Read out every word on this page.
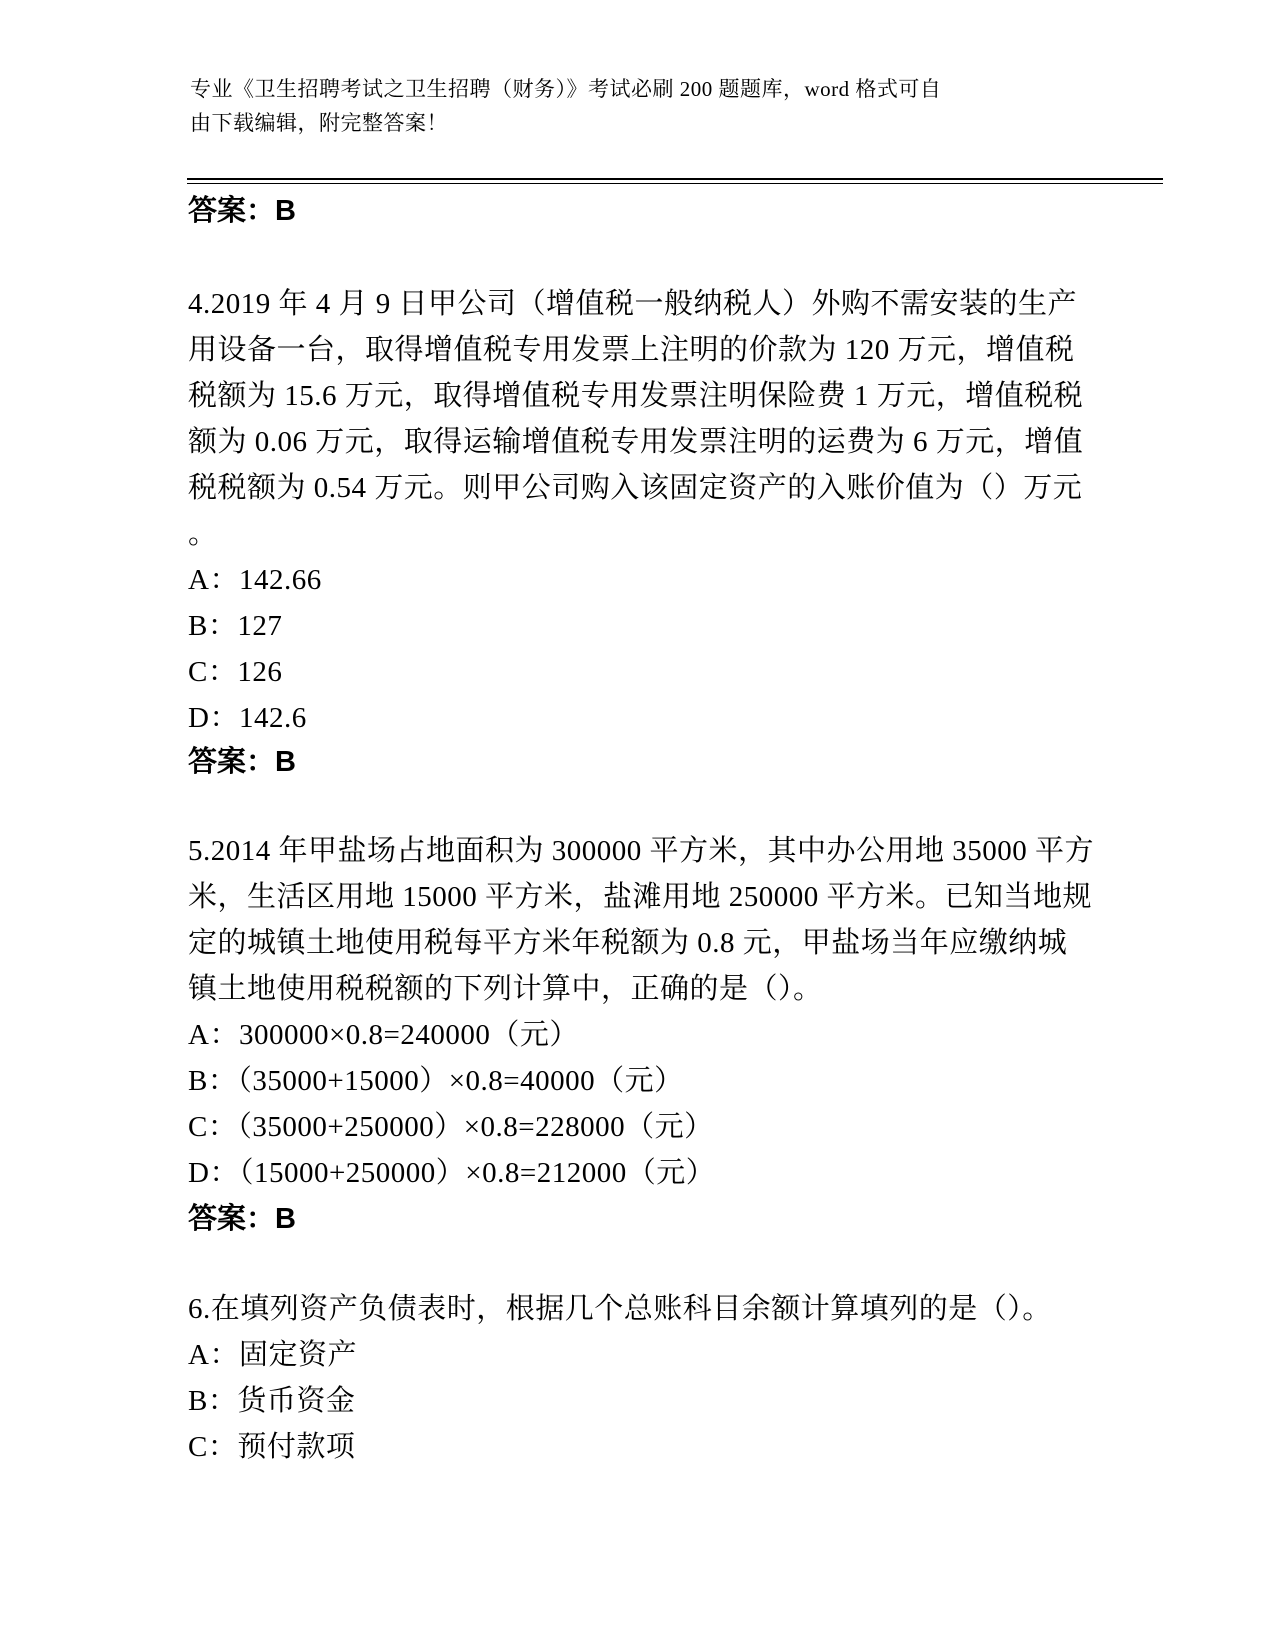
专业《卫生招聘考试之卫生招聘（财务）》考试必刷 200 题题库，word 格式可自
由下载编辑，附完整答案！
答案：B
4.2019 年 4 月 9 日甲公司（增值税一般纳税人）外购不需安装的生产
用设备一台，取得增值税专用发票上注明的价款为 120 万元，增值税
税额为 15.6 万元，取得增值税专用发票注明保险费 1 万元，增值税税
额为 0.06 万元，取得运输增值税专用发票注明的运费为 6 万元，增值
税税额为 0.54 万元。则甲公司购入该固定资产的入账价值为（）万元
。
A：142.66
B：127
C：126
D：142.6
答案：B
5.2014 年甲盐场占地面积为 300000 平方米，其中办公用地 35000 平方
米，生活区用地 15000 平方米，盐滩用地 250000 平方米。已知当地规
定的城镇土地使用税每平方米年税额为 0.8 元，甲盐场当年应缴纳城
镇土地使用税税额的下列计算中，正确的是（）。
A：300000×0.8=240000（元）
B：（35000+15000）×0.8=40000（元）
C：（35000+250000）×0.8=228000（元）
D：（15000+250000）×0.8=212000（元）
答案：B
6.在填列资产负债表时，根据几个总账科目余额计算填列的是（）。
A：固定资产
B：货币资金
C：预付款项
